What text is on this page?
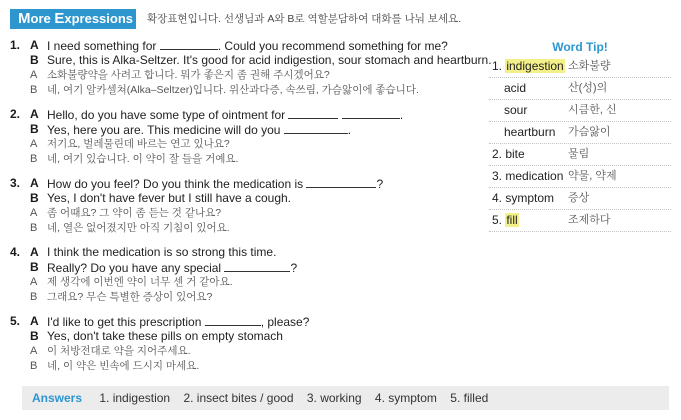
More Expressions 확장표현입니다. 선생님과 A와 B로 역할분담하여 대화를 나눠 보세요.
1. A I need something for	. Could you recommend something for me?
B Sure, this is Alka-Seltzer. It's good for acid indigestion, sour stomach and heartburn.
A 소화불량약을 사려고 합니다. 뭐가 좋은지 좀 권해 주시겠어요?
B 네, 여기 알카셀쳐(Alka–Seltzer)입니다. 위산과다증, 속쓰림, 가슴앓이에 좋습니다.
2. A Hello, do you have some type of ointment for	.
B Yes, here you are. This medicine will do you	.
A 저기요, 벌레물린데 바르는 연고 있나요?
B 네, 여기 있습니다. 이 약이 잘 들을 거예요.
3. A How do you feel? Do you think the medication is	?
B Yes, I don't have fever but I still have a cough.
A 좀 어때요? 그 약이 좀 듣는 것 같나요?
B 네, 열은 없어졌지만 아직 기침이 있어요.
4. A I think the medication is so strong this time.
B Really? Do you have any special	?
A 제 생각에 이번엔 약이 너무 센 거 같아요.
B 그래요? 무슨 특별한 증상이 있어요?
5. A I'd like to get this prescription	, please?
B Yes, don't take these pills on empty stomach
A 이 처방전대로 약을 지어주세요.
B 네, 이 약은 빈속에 드시지 마세요.
Word Tip!
1. indigestion 소화불량
acid	산(성)의
sour	시큼한, 신
heartburn 가슴앓이
2. bite	물림
3. medication 약물, 약제
4. symptom 증상
5. fill	조제하다
Answers 1. indigestion 2. insect bites / good 3. working 4. symptom 5. filled
